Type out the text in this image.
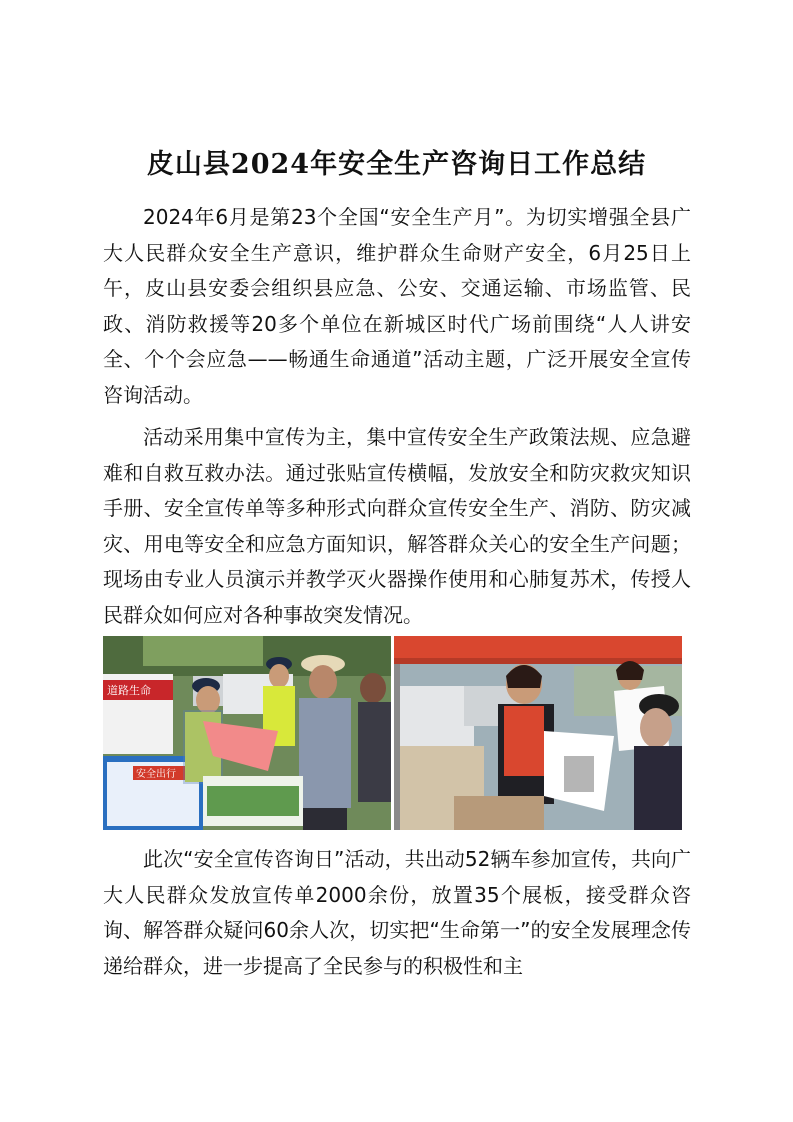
皮山县2024年安全生产咨询日工作总结

2024年6月是第23个全国“安全生产月”。为切实增强全县广大人民群众安全生产意识，维护群众生命财产安全，6月25日上午，皮山县安委会组织县应急、公安、交通运输、市场监管、民政、消防救援等20多个单位在新城区时代广场前围绕“人人讲安全、个个会应急——畅通生命通道”活动主题，广泛开展安全宣传咨询活动。

活动采用集中宣传为主，集中宣传安全生产政策法规、应急避难和自救互救办法。通过张贴宣传横幅，发放安全和防灾救灾知识手册、安全宣传单等多种形式向群众宣传安全生产、消防、防灾减灾、用电等安全和应急方面知识，解答群众关心的安全生产问题；现场由专业人员演示并教学灭火器操作使用和心肺复苏术，传授人民群众如何应对各种事故突发情况。

道路生命
安全出行

此次“安全宣传咨询日”活动，共出动52辆车参加宣传，共向广大人民群众发放宣传单2000余份，放置35个展板，接受群众咨询、解答群众疑问60余人次，切实把“生命第一”的安全发展理念传递给群众，进一步提高了全民参与的积极性和主
